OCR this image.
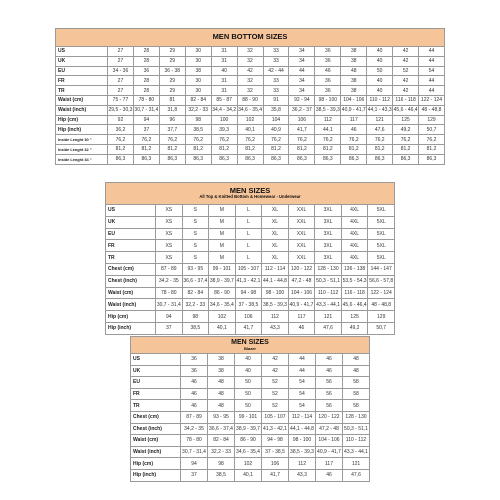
MEN BOTTOM SIZES													

US	27	28	29	30	31	32	33	34	36	38	40	42	44
UK	27	28	29	30	31	32	33	34	36	38	40	42	44
EU	34 - 36	36	36 - 38	38	40	42	42 - 44	44	46	48	50	52	54
FR	27	28	29	30	31	32	33	34	36	38	40	42	44
TR	27	28	29	30	31	32	33	34	36	38	40	42	44
Waist (cm)	75 - 77	78 - 80	81	82 - 84	85 - 87	88 - 90	91	92 - 94	98 - 100	104 - 106	110 - 112	116 - 118	122 - 124
Waist (inch)	29,5 - 30,3	30,7 - 31,4	31,8	32,2 - 33	34,4 - 34,2	34,6 - 35,4	35,8	36,2 - 37	38,5 - 39,3	40,9 - 41,7	44,1 - 43,3	45,6 - 46,4	48 - 48,8
Hip (cm)	92	94	96	98	100	102	104	106	112	117	121	125	129
Hip (inch)	36,2	37	37,7	38,5	39,3	40,1	40,9	41,7	44,1	46	47,6	49,2	50,7
Inside Lenght 30 "	76,2	76,2	76,2	76,2	76,2	76,2	76,2	76,2	76,2	76,2	76,2	76,2	76,2
Inside Lenght 32 "	81,2	81,2	81,2	81,2	81,2	81,2	81,2	81,2	81,2	81,2	81,2	81,2	81,2
Inside Lenght 34 "	86,3	86,3	86,3	86,3	86,3	86,3	86,3	86,3	86,3	86,3	86,3	86,3	86,3
MEN SIZES
All Top & Knitted Bottom & Homewear - Underwear									

US	XS	S	M	L	XL	XXL	3XL	4XL	5XL
UK	XS	S	M	L	XL	XXL	3XL	4XL	5XL
EU	XS	S	M	L	XL	XXL	3XL	4XL	5XL
FR	XS	S	M	L	XL	XXL	3XL	4XL	5XL
TR	XS	S	M	L	XL	XXL	3XL	4XL	5XL
Chest (cm)	87 - 89	93 - 95	99 - 101	105 - 107	112 - 114	120 - 122	128 - 130	136 - 138	144 - 147
Chest (inch)	34,2 - 35	36,6 - 37,4	38,9 - 39,7	41,3 - 42,1	44,1 - 44,8	47,2 - 48	50,3 - 51,1	53,5 - 54,3	56,6 - 57,8
Waist (cm)	78 - 80	82 - 84	86 - 90	94 - 98	98 - 100	104 - 106	110 - 112	116 - 118	122 - 124
Waist (inch)	30,7 - 31,4	32,2 - 33	34,6 - 35,4	37 - 38,5	38,5 - 39,3	40,9 - 41,7	43,3 - 44,1	45,6 - 46,4	48 - 48,8
Hip (cm)	94	98	102	106	112	117	121	125	129
Hip (inch)	37	38,5	40,1	41,7	43,3	46	47,6	49,2	50,7
MEN SIZES
Blazer							

US	36	38	40	42	44	46	48
UK	36	38	40	42	44	46	48
EU	46	48	50	52	54	56	58
FR	46	48	50	52	54	56	58
TR	46	48	50	52	54	56	58
Chest (cm)	87 - 89	93 - 95	99 - 101	105 - 107	112 - 114	120 - 122	128 - 130
Chest (inch)	34,2 - 35	36,6 - 37,4	38,9 - 39,7	41,3 - 42,1	44,1 - 44,8	47,2 - 48	50,3 - 51,1
Waist (cm)	78 - 80	82 - 84	86 - 90	94 - 98	98 - 100	104 - 106	110 - 112
Waist (inch)	30,7 - 31,4	32,2 - 33	34,6 - 35,4	37 - 38,5	38,5 - 39,3	40,9 - 41,7	43,3 - 44,1
Hip (cm)	94	98	102	106	112	117	121
Hip (inch)	37	38,5	40,1	41,7	43,3	46	47,6
